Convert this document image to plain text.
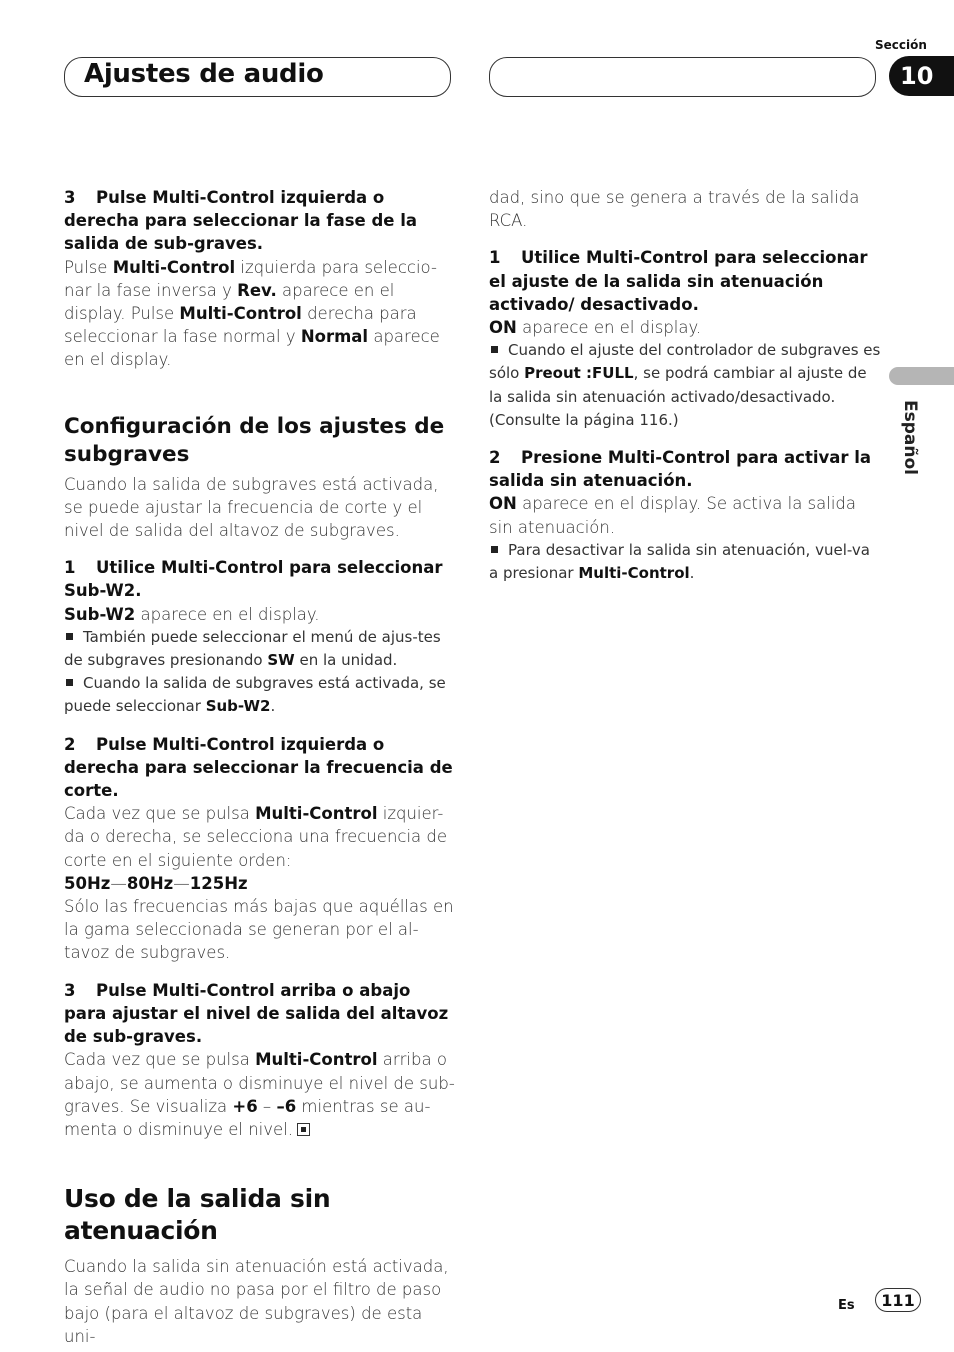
Ajustes de audio
Sección
10
Español

3 Pulse Multi-Control izquierda o derecha para seleccionar la fase de la salida de sub-graves.

Pulse Multi-Control izquierda para seleccio-nar la fase inversa y Rev. aparece en el display. Pulse Multi-Control derecha para seleccionar la fase normal y Normal aparece en el display.

Configuración de los ajustes de subgraves

Cuando la salida de subgraves está activada, se puede ajustar la frecuencia de corte y el nivel de salida del altavoz de subgraves.

1 Utilice Multi-Control para seleccionar Sub-W2.

Sub-W2 aparece en el display.

También puede seleccionar el menú de ajus-tes de subgraves presionando SW en la unidad.

Cuando la salida de subgraves está activada, se puede seleccionar Sub-W2.

2 Pulse Multi-Control izquierda o derecha para seleccionar la frecuencia de corte.

Cada vez que se pulsa Multi-Control izquier-da o derecha, se selecciona una frecuencia de corte en el siguiente orden:

50Hz—80Hz—125Hz

Sólo las frecuencias más bajas que aquéllas en la gama seleccionada se generan por el al-tavoz de subgraves.

3 Pulse Multi-Control arriba o abajo para ajustar el nivel de salida del altavoz de sub-graves.

Cada vez que se pulsa Multi-Control arriba o abajo, se aumenta o disminuye el nivel de sub-graves. Se visualiza +6 – –6 mientras se au-menta o disminuye el nivel.

Uso de la salida sin atenuación

Cuando la salida sin atenuación está activada, la señal de audio no pasa por el filtro de paso bajo (para el altavoz de subgraves) de esta uni-

dad, sino que se genera a través de la salida RCA.

1 Utilice Multi-Control para seleccionar el ajuste de la salida sin atenuación activado/ desactivado.

ON aparece en el display.

Cuando el ajuste del controlador de subgraves es sólo Preout :FULL, se podrá cambiar al ajuste de la salida sin atenuación activado/desactivado. (Consulte la página 116.)

2 Presione Multi-Control para activar la salida sin atenuación.

ON aparece en el display. Se activa la salida sin atenuación.

Para desactivar la salida sin atenuación, vuel-va a presionar Multi-Control.

Es	111
